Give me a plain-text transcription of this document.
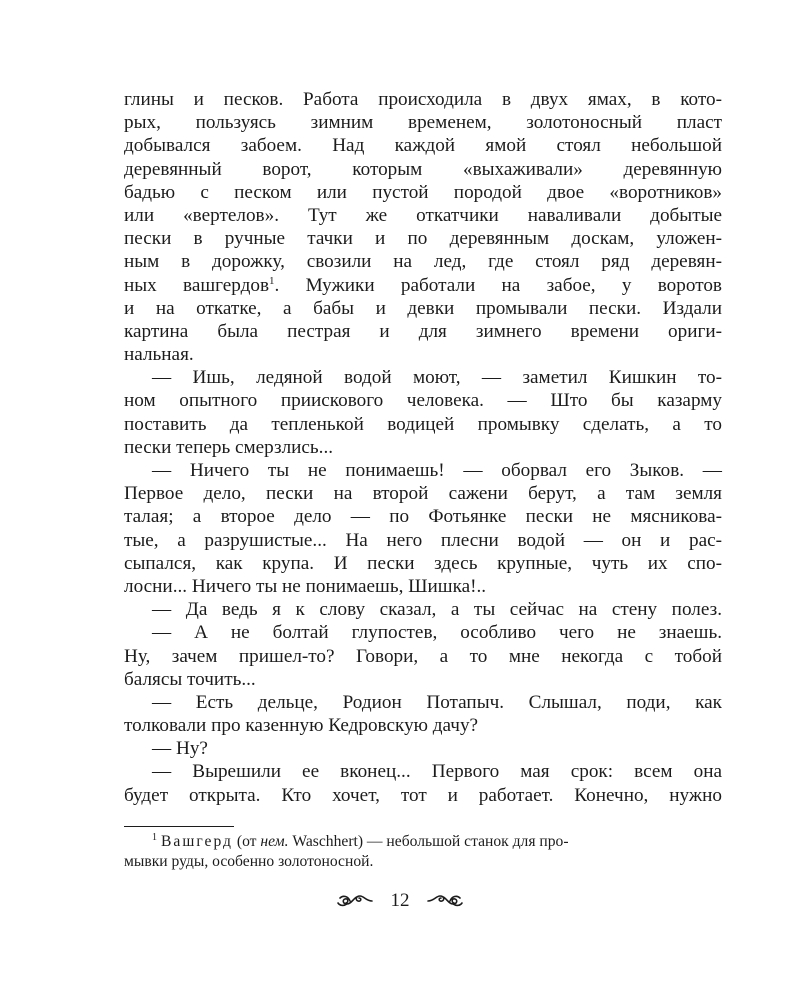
глины и песков. Работа происходила в двух ямах, в кото-
рых, пользуясь зимним временем, золотоносный пласт
добывался забоем. Над каждой ямой стоял небольшой
деревянный ворот, которым «выхаживали» деревянную
бадью с песком или пустой породой двое «воротников»
или «вертелов». Тут же откатчики наваливали добытые
пески в ручные тачки и по деревянным доскам, уложен-
ным в дорожку, свозили на лед, где стоял ряд деревян-
ных вашгердов$^1$. Мужики работали на забое, у воротов
и на откатке, а бабы и девки промывали пески. Издали
картина была пестрая и для зимнего времени ориги-
нальная.
— Ишь, ледяной водой моют, — заметил Кишкин то-
ном опытного приискового человека. — Што бы казарму
поставить да тепленькой водицей промывку сделать, а то
пески теперь смерзлись...
— Ничего ты не понимаешь! — оборвал его Зыков. —
Первое дело, пески на второй сажени берут, а там земля
талая; а второе дело — по Фотьянке пески не мясникова-
тые, а разрушистые... На него плесни водой — он и рас-
сыпался, как крупа. И пески здесь крупные, чуть их спо-
лосни... Ничего ты не понимаешь, Шишка!..
— Да ведь я к слову сказал, а ты сейчас на стену полез.
— А не болтай глупостев, особливо чего не знаешь.
Ну, зачем пришел-то? Говори, а то мне некогда с тобой
балясы точить...
— Есть дельце, Родион Потапыч. Слышал, поди, как
толковали про казенную Кедровскую дачу?
— Ну?
— Вырешили ее вконец... Первого мая срок: всем она
будет открыта. Кто хочет, тот и работает. Конечно, нужно
$^1$ Вашгерд (от нем. Waschhert) — небольшой станок для про-
мывки руды, особенно золотоносной.
12
